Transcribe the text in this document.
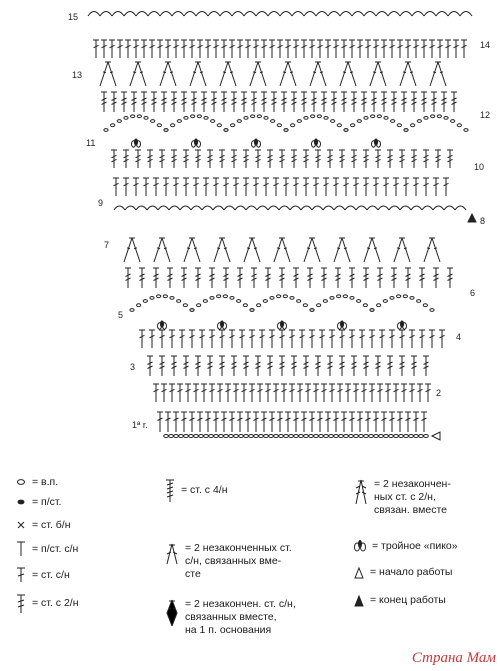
15
13
11
9
7
5
3
1ª r.
14
12
10
8
6
4
2
= в.п.
= п/ст.
= ст. б/н
= п/ст. с/н
= ст. с/н
= ст. с 2/н
= ст. с 4/н
= 2 незаконченных ст.
с/н, связанных вме-
сте
= 2 незакончен. ст. с/н,
связанных вместе,
на 1 п. основания
= 2 незакончен-
ных ст. с 2/н,
связан. вместе
= тройное «пико»
= начало работы
= конец работы
Страна Мам
